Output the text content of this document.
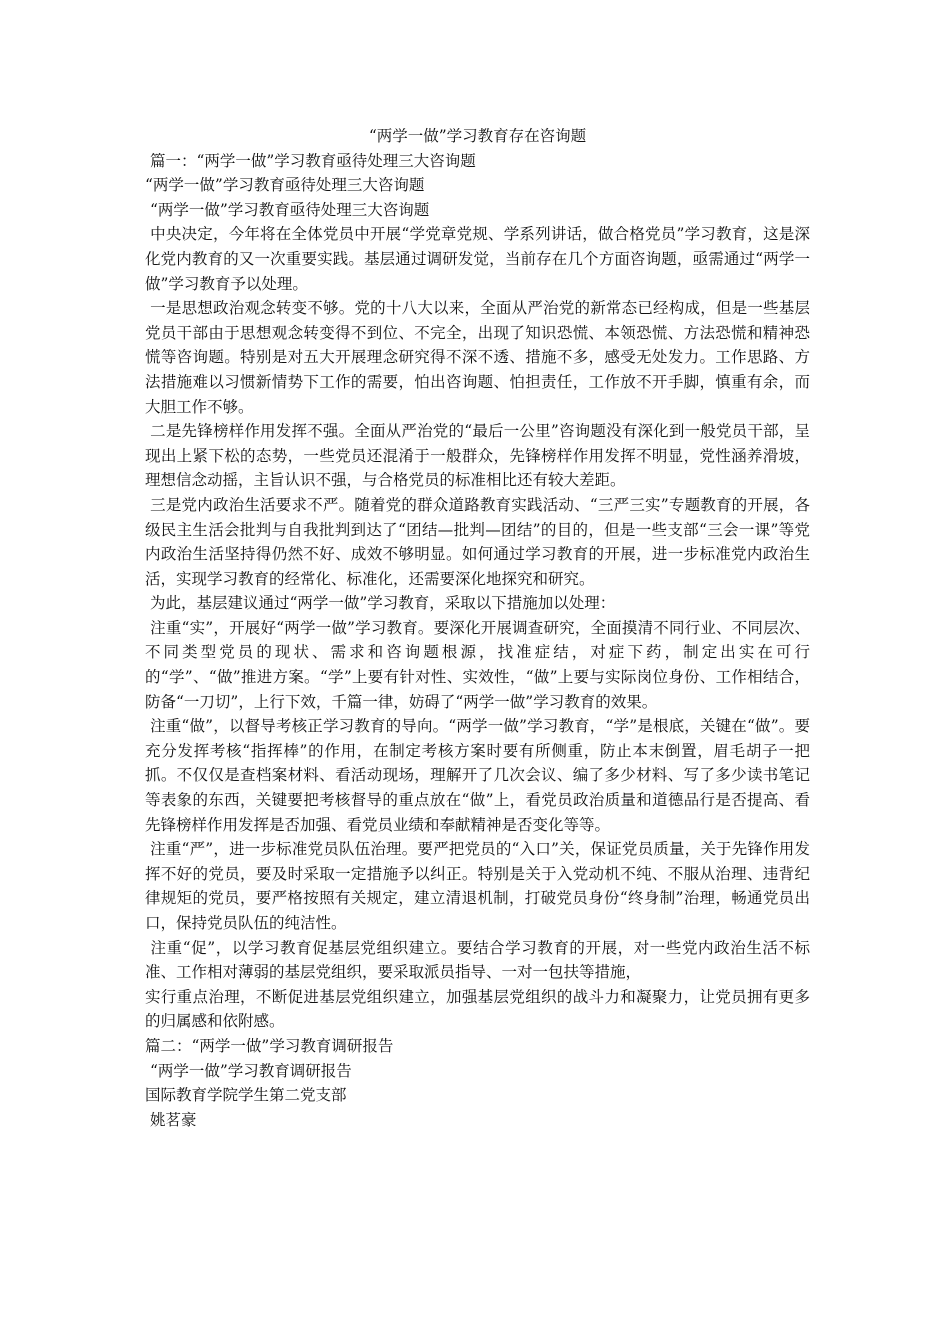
“两学一做”学习教育存在咨询题

篇一：“两学一做”学习教育亟待处理三大咨询题

“两学一做”学习教育亟待处理三大咨询题

“两学一做”学习教育亟待处理三大咨询题

中央决定，今年将在全体党员中开展“学党章党规、学系列讲话，做合格党员”学习教育，这是深化党内教育的又一次重要实践。基层通过调研发觉，当前存在几个方面咨询题，亟需通过“两学一做”学习教育予以处理。

一是思想政治观念转变不够。党的十八大以来，全面从严治党的新常态已经构成，但是一些基层党员干部由于思想观念转变得不到位、不完全，出现了知识恐慌、本领恐慌、方法恐慌和精神恐慌等咨询题。特别是对五大开展理念研究得不深不透、措施不多，感受无处发力。工作思路、方法措施难以习惯新情势下工作的需要，怕出咨询题、怕担责任，工作放不开手脚，慎重有余，而大胆工作不够。

二是先锋榜样作用发挥不强。全面从严治党的“最后一公里”咨询题没有深化到一般党员干部，呈现出上紧下松的态势，一些党员还混淆于一般群众，先锋榜样作用发挥不明显，党性涵养滑坡，理想信念动摇，主旨认识不强，与合格党员的标准相比还有较大差距。

三是党内政治生活要求不严。随着党的群众道路教育实践活动、“三严三实”专题教育的开展，各级民主生活会批判与自我批判到达了“团结—批判—团结”的目的，但是一些支部“三会一课”等党内政治生活坚持得仍然不好、成效不够明显。如何通过学习教育的开展，进一步标准党内政治生活，实现学习教育的经常化、标准化，还需要深化地探究和研究。

为此，基层建议通过“两学一做”学习教育，采取以下措施加以处理：

注重“实”，开展好“两学一做”学习教育。要深化开展调查研究，全面摸清不同行业、不同层次、不同类型党员的现状、需求和咨询题根源，找准症结，对症下药，制定出实在可行的“学”、“做”推进方案。“学”上要有针对性、实效性，“做”上要与实际岗位身份、工作相结合，防备“一刀切”，上行下效，千篇一律，妨碍了“两学一做”学习教育的效果。

注重“做”，以督导考核正学习教育的导向。“两学一做”学习教育，“学”是根底，关键在“做”。要充分发挥考核“指挥棒”的作用，在制定考核方案时要有所侧重，防止本末倒置，眉毛胡子一把抓。不仅仅是查档案材料、看活动现场，理解开了几次会议、编了多少材料、写了多少读书笔记等表象的东西，关键要把考核督导的重点放在“做”上，看党员政治质量和道德品行是否提高、看先锋榜样作用发挥是否加强、看党员业绩和奉献精神是否变化等等。

注重“严”，进一步标准党员队伍治理。要严把党员的“入口”关，保证党员质量，关于先锋作用发挥不好的党员，要及时采取一定措施予以纠正。特别是关于入党动机不纯、不服从治理、违背纪律规矩的党员，要严格按照有关规定，建立清退机制，打破党员身份“终身制”治理，畅通党员出口，保持党员队伍的纯洁性。

注重“促”，以学习教育促基层党组织建立。要结合学习教育的开展，对一些党内政治生活不标准、工作相对薄弱的基层党组织，要采取派员指导、一对一包扶等措施，

实行重点治理，不断促进基层党组织建立，加强基层党组织的战斗力和凝聚力，让党员拥有更多的归属感和依附感。

篇二：“两学一做”学习教育调研报告

“两学一做”学习教育调研报告

国际教育学院学生第二党支部

姚茗豪
